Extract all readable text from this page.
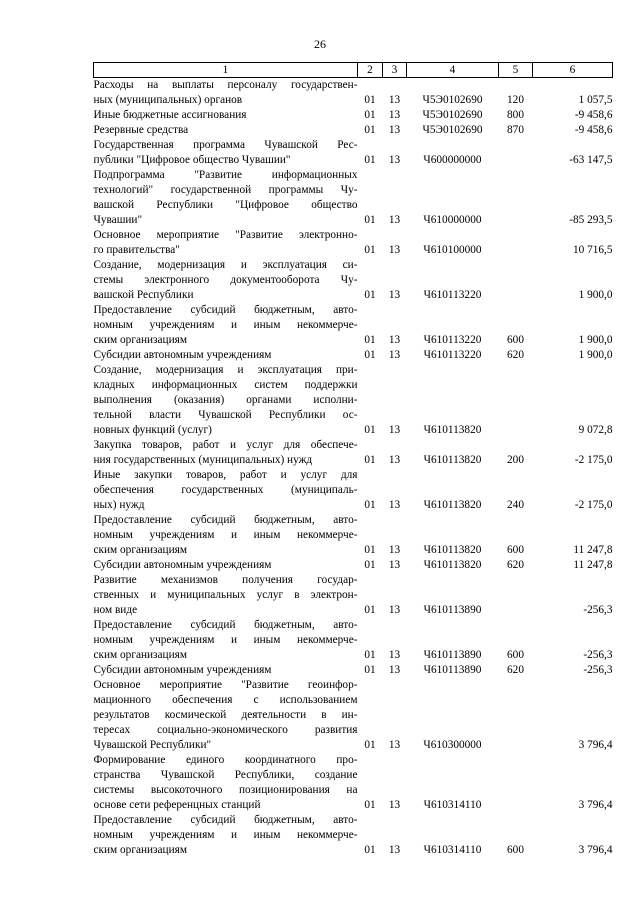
26
1	2	3	4	5	6

Расходы на выплаты персоналу государствен-
ных (муниципальных) органов	01	13	Ч5Э0102690	120	1 057,5

Иные бюджетные ассигнования	01	13	Ч5Э0102690	800	-9 458,6

Резервные средства	01	13	Ч5Э0102690	870	-9 458,6

Государственная программа Чувашской Рес-
публики "Цифровое общество Чувашии"	01	13	Ч600000000		-63 147,5

Подпрограмма "Развитие информационных
технологий" государственной программы Чу-
вашской Республики "Цифровое общество
Чувашии"	01	13	Ч610000000		-85 293,5

Основное мероприятие "Развитие электронно-
го правительства"	01	13	Ч610100000		10 716,5

Создание, модернизация и эксплуатация си-
стемы электронного документооборота Чу-
вашской Республики	01	13	Ч610113220		1 900,0

Предоставление субсидий бюджетным, авто-
номным учреждениям и иным некоммерче-
ским организациям	01	13	Ч610113220	600	1 900,0

Субсидии автономным учреждениям	01	13	Ч610113220	620	1 900,0

Создание, модернизация и эксплуатация при-
кладных информационных систем поддержки
выполнения (оказания) органами исполни-
тельной власти Чувашской Республики ос-
новных функций (услуг)	01	13	Ч610113820		9 072,8

Закупка товаров, работ и услуг для обеспече-
ния государственных (муниципальных) нужд	01	13	Ч610113820	200	-2 175,0

Иные закупки товаров, работ и услуг для
обеспечения государственных (муниципаль-
ных) нужд	01	13	Ч610113820	240	-2 175,0

Предоставление субсидий бюджетным, авто-
номным учреждениям и иным некоммерче-
ским организациям	01	13	Ч610113820	600	11 247,8

Субсидии автономным учреждениям	01	13	Ч610113820	620	11 247,8

Развитие механизмов получения государ-
ственных и муниципальных услуг в электрон-
ном виде	01	13	Ч610113890		-256,3

Предоставление субсидий бюджетным, авто-
номным учреждениям и иным некоммерче-
ским организациям	01	13	Ч610113890	600	-256,3

Субсидии автономным учреждениям	01	13	Ч610113890	620	-256,3

Основное мероприятие "Развитие геоинфор-
мационного обеспечения с использованием
результатов космической деятельности в ин-
тересах социально-экономического развития
Чувашской Республики"	01	13	Ч610300000		3 796,4

Формирование единого координатного про-
странства Чувашской Республики, создание
системы высокоточного позиционирования на
основе сети референцных станций	01	13	Ч610314110		3 796,4

Предоставление субсидий бюджетным, авто-
номным учреждениям и иным некоммерче-
ским организациям	01	13	Ч610314110	600	3 796,4
